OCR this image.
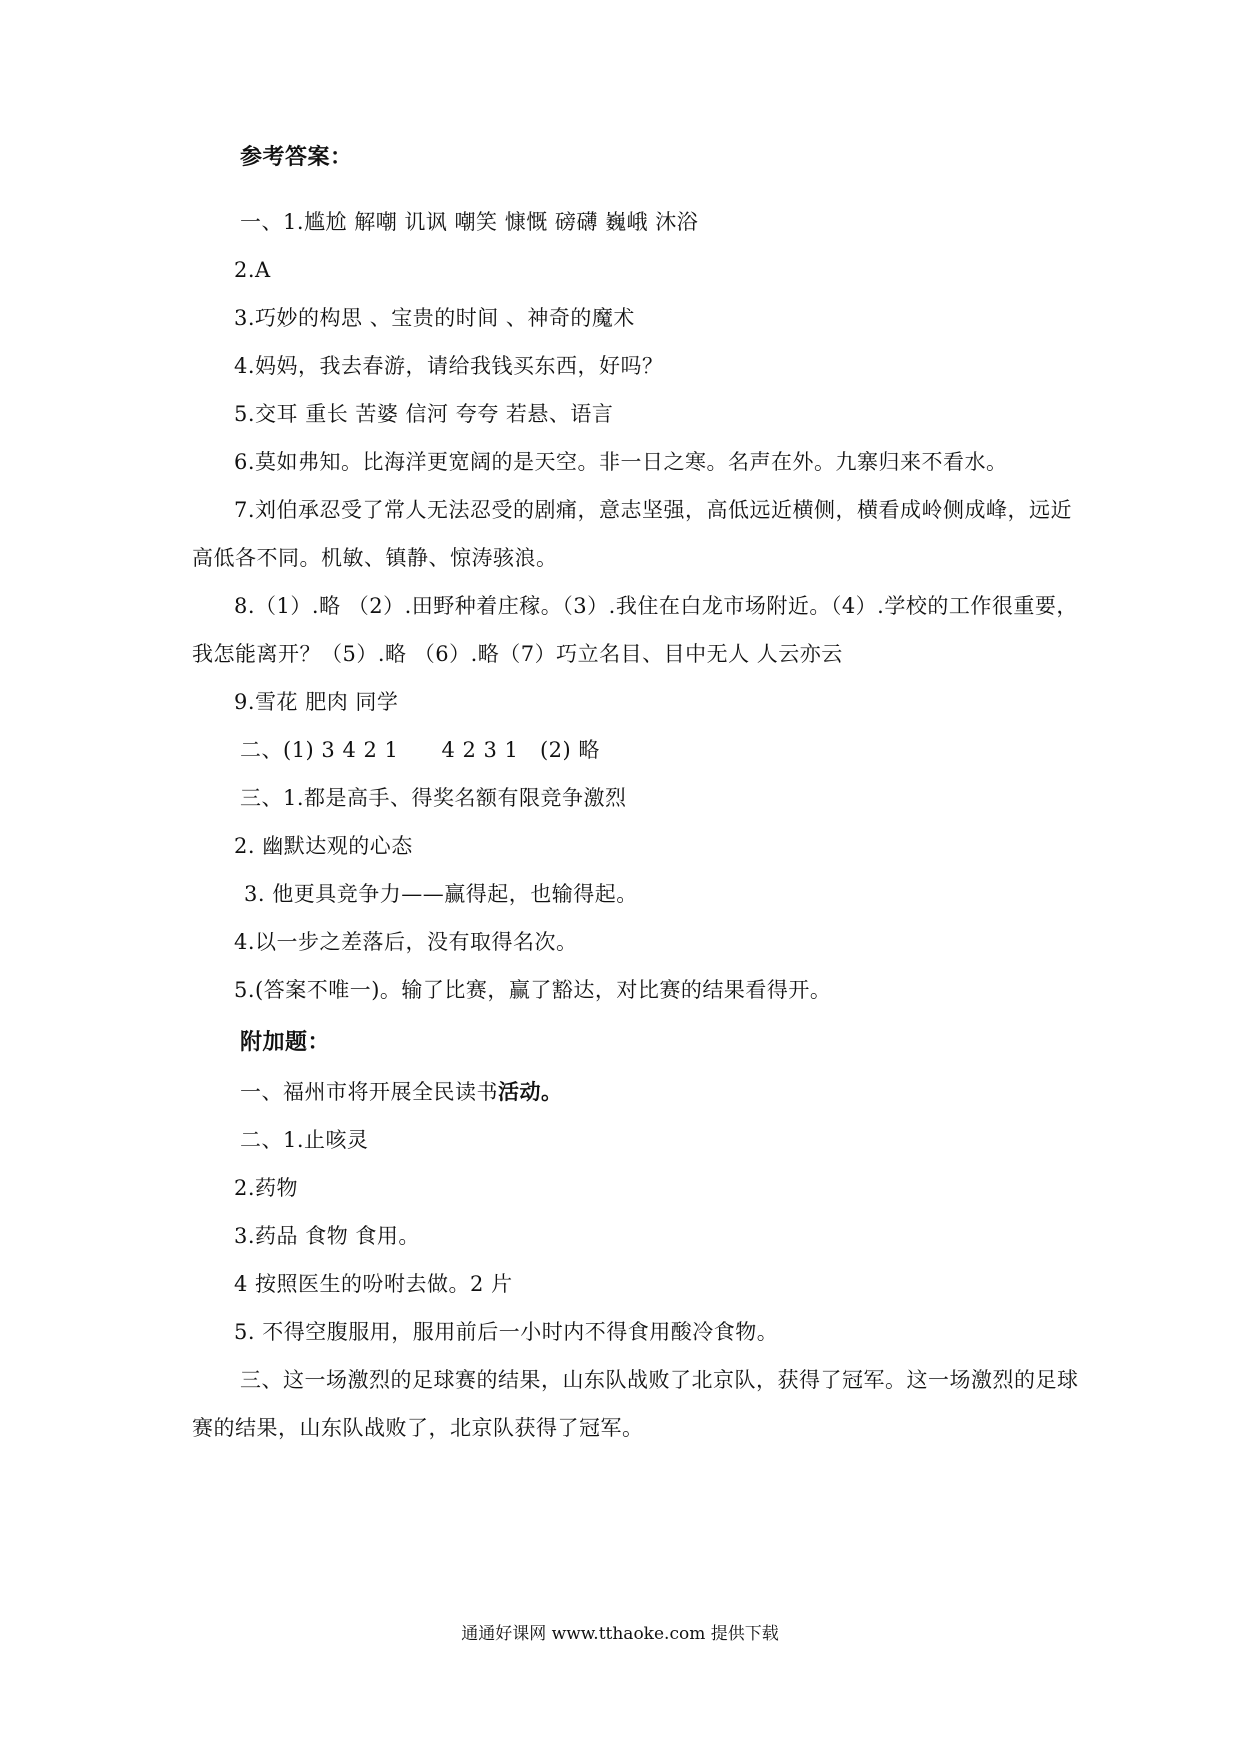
参考答案：
一、1.尴尬 解嘲 讥讽 嘲笑 慷慨 磅礴 巍峨 沐浴
2.A
3.巧妙的构思 、宝贵的时间 、神奇的魔术
4.妈妈，我去春游，请给我钱买东西，好吗？
5.交耳 重长 苦婆 信河 夸夸 若悬、语言
6.莫如弗知。比海洋更宽阔的是天空。非一日之寒。名声在外。九寨归来不看水。
7.刘伯承忍受了常人无法忍受的剧痛，意志坚强，高低远近横侧，横看成岭侧成峰，远近
高低各不同。机敏、镇静、惊涛骇浪。
8.（1）.略 （2）.田野种着庄稼。（3）.我住在白龙市场附近。（4）.学校的工作很重要，
我怎能离开？（5）.略 （6）.略（7）巧立名目、目中无人 人云亦云
9.雪花 肥肉 同学
二、(1) 3 4 2 1      4 2 3 1   (2) 略
三、1.都是高手、得奖名额有限竞争激烈
2. 幽默达观的心态
3. 他更具竞争力——赢得起，也输得起。
4.以一步之差落后，没有取得名次。
5.(答案不唯一)。输了比赛，赢了豁达，对比赛的结果看得开。
附加题：
一、福州市将开展全民读书活动。
二、1.止咳灵
2.药物
3.药品 食物 食用。
4 按照医生的吩咐去做。2 片
5. 不得空腹服用，服用前后一小时内不得食用酸冷食物。
三、这一场激烈的足球赛的结果，山东队战败了北京队，获得了冠军。这一场激烈的足球
赛的结果，山东队战败了，北京队获得了冠军。
通通好课网 www.tthaoke.com 提供下载
